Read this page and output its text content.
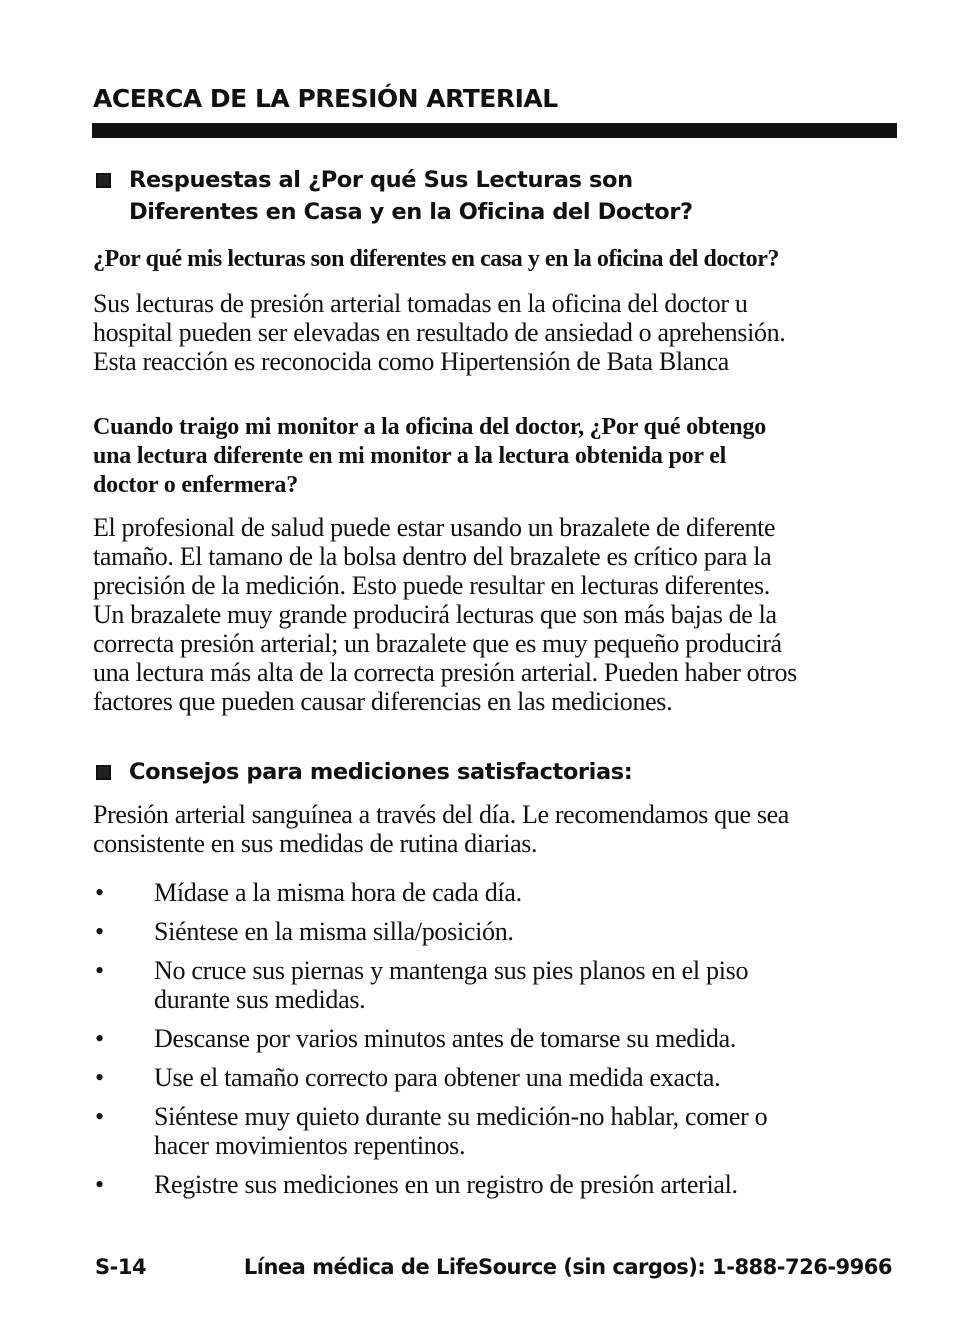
ACERCA DE LA PRESIÓN ARTERIAL
Respuestas al ¿Por qué Sus Lecturas son
Diferentes en Casa y en la Oficina del Doctor?
¿Por qué mis lecturas son diferentes en casa y en la oficina del doctor?
Sus lecturas de presión arterial tomadas en la oficina del doctor u
hospital pueden ser elevadas en resultado de ansiedad o aprehensión.
Esta reacción es reconocida como Hipertensión de Bata Blanca
Cuando traigo mi monitor a la oficina del doctor, ¿Por qué obtengo
una lectura diferente en mi monitor a la lectura obtenida por el
doctor o enfermera?
El profesional de salud puede estar usando un brazalete de diferente
tamaño. El tamano de la bolsa dentro del brazalete es crítico para la
precisión de la medición. Esto puede resultar en lecturas diferentes.
Un brazalete muy grande producirá lecturas que son más bajas de la
correcta presión arterial; un brazalete que es muy pequeño producirá
una lectura más alta de la correcta presión arterial. Pueden haber otros
factores que pueden causar diferencias en las mediciones.
Consejos para mediciones satisfactorias:
Presión arterial sanguínea a través del día. Le recomendamos que sea
consistente en sus medidas de rutina diarias.
• Mídase a la misma hora de cada día.
• Siéntese en la misma silla/posición.
• No cruce sus piernas y mantenga sus pies planos en el piso
durante sus medidas.
• Descanse por varios minutos antes de tomarse su medida.
• Use el tamaño correcto para obtener una medida exacta.
• Siéntese muy quieto durante su medición-no hablar, comer o
hacer movimientos repentinos.
• Registre sus mediciones en un registro de presión arterial.
S-14	Línea médica de LifeSource (sin cargos): 1-888-726-9966
